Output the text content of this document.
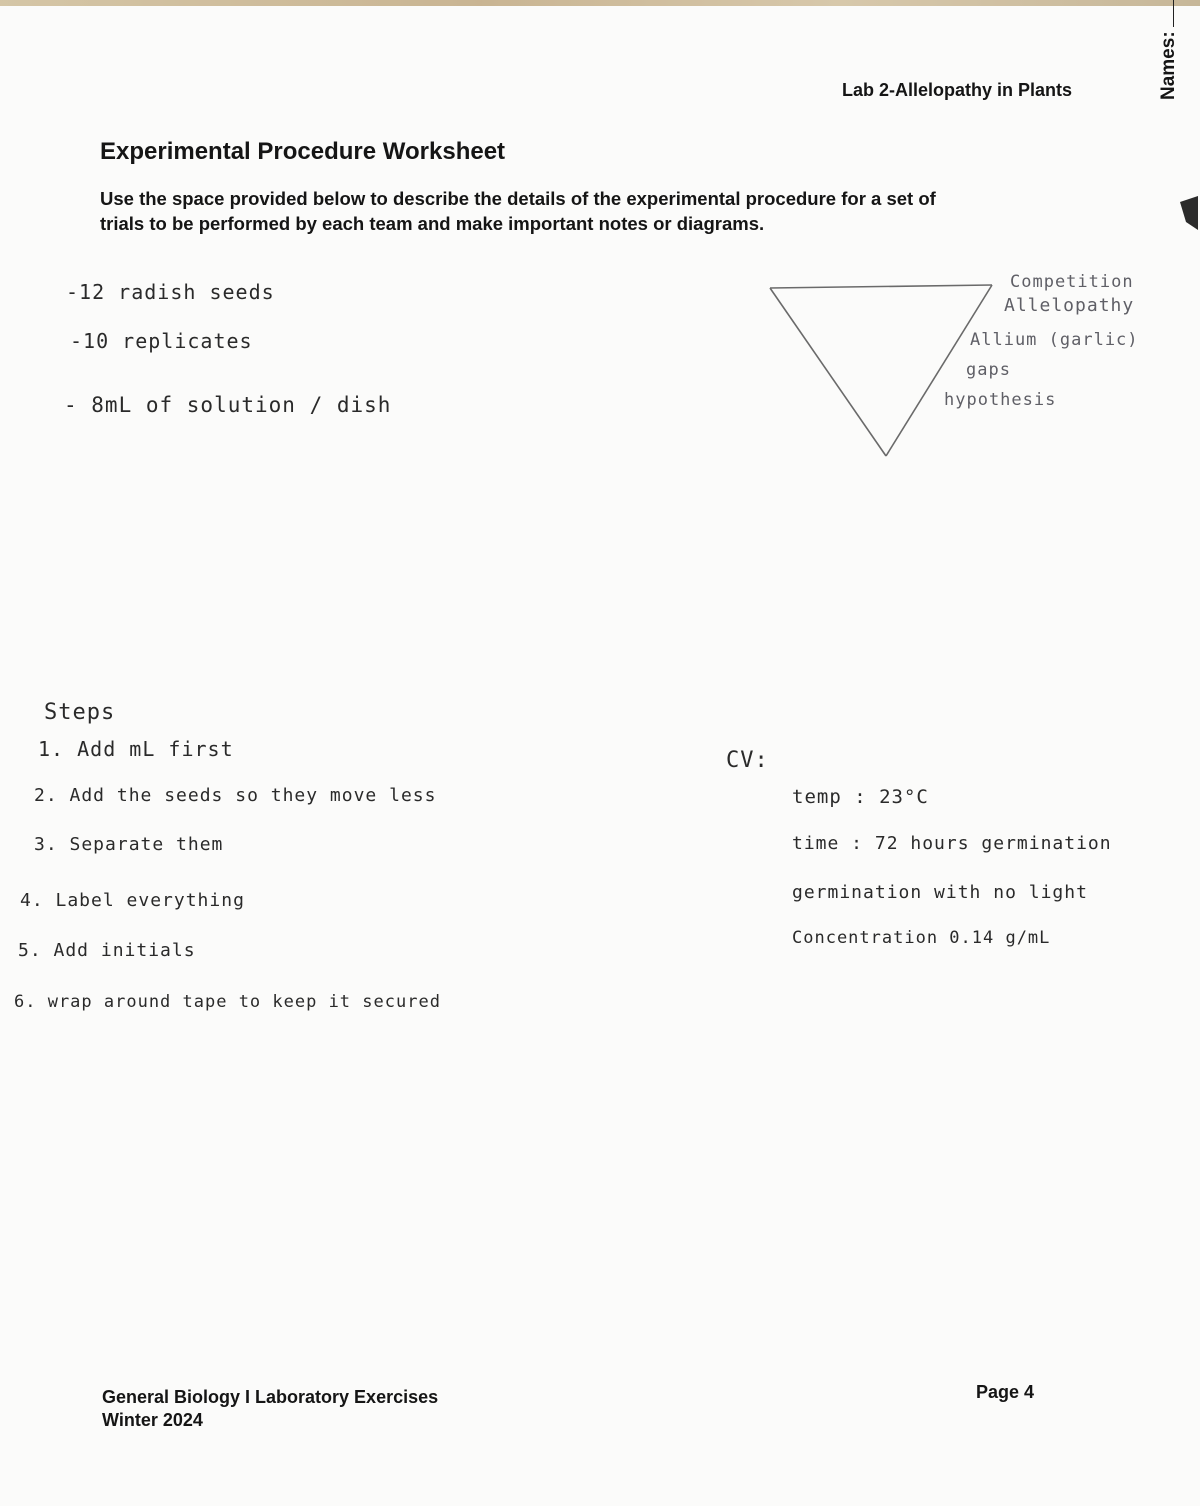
Names:
Lab 2-Allelopathy in Plants
Experimental Procedure Worksheet
Use the space provided below to describe the details of the experimental procedure for a set of
trials to be performed by each team and make important notes or diagrams.
-12 radish seeds
-10 replicates
- 8mL of solution / dish
Competition
Allelopathy
Allium (garlic)
gaps
hypothesis
Steps
1. Add mL first
2. Add the seeds so they move less
3. Separate them
4. Label everything
5. Add initials
6. wrap around tape to keep it secured
CV:
temp : 23°C
time : 72 hours germination
germination with no light
Concentration 0.14 g/mL
General Biology I Laboratory Exercises
Winter 2024
Page 4
